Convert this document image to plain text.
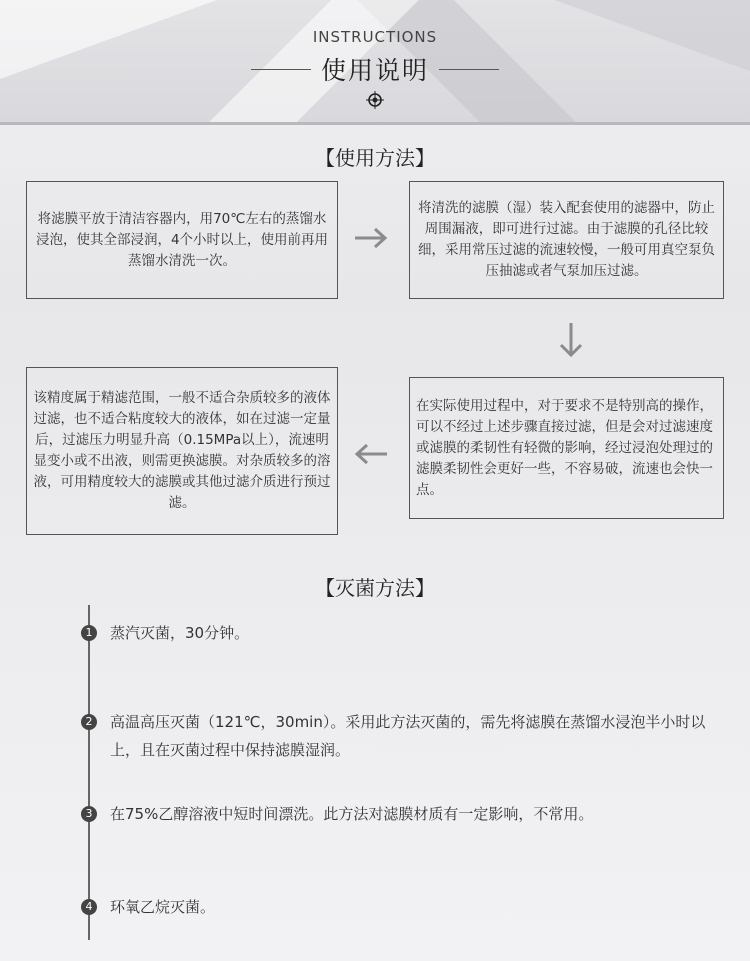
INSTRUCTIONS
使用说明
【使用方法】
将滤膜平放于清洁容器内，用70℃左右的蒸馏水浸泡，使其全部浸润，4个小时以上，使用前再用蒸馏水清洗一次。
将清洗的滤膜（湿）装入配套使用的滤器中，防止周围漏液，即可进行过滤。由于滤膜的孔径比较细，采用常压过滤的流速较慢，一般可用真空泵负压抽滤或者气泵加压过滤。
在实际使用过程中，对于要求不是特别高的操作，可以不经过上述步骤直接过滤，但是会对过滤速度或滤膜的柔韧性有轻微的影响，经过浸泡处理过的滤膜柔韧性会更好一些，不容易破，流速也会快一点。
该精度属于精滤范围，一般不适合杂质较多的液体过滤，也不适合粘度较大的液体，如在过滤一定量后，过滤压力明显升高（0.15MPa以上），流速明显变小或不出液，则需更换滤膜。对杂质较多的溶液，可用精度较大的滤膜或其他过滤介质进行预过滤。
【灭菌方法】
1	蒸汽灭菌，30分钟。
2	高温高压灭菌（121℃，30min）。采用此方法灭菌的，需先将滤膜在蒸馏水浸泡半小时以上，且在灭菌过程中保持滤膜湿润。
3	在75%乙醇溶液中短时间漂洗。此方法对滤膜材质有一定影响，不常用。
4	环氧乙烷灭菌。
